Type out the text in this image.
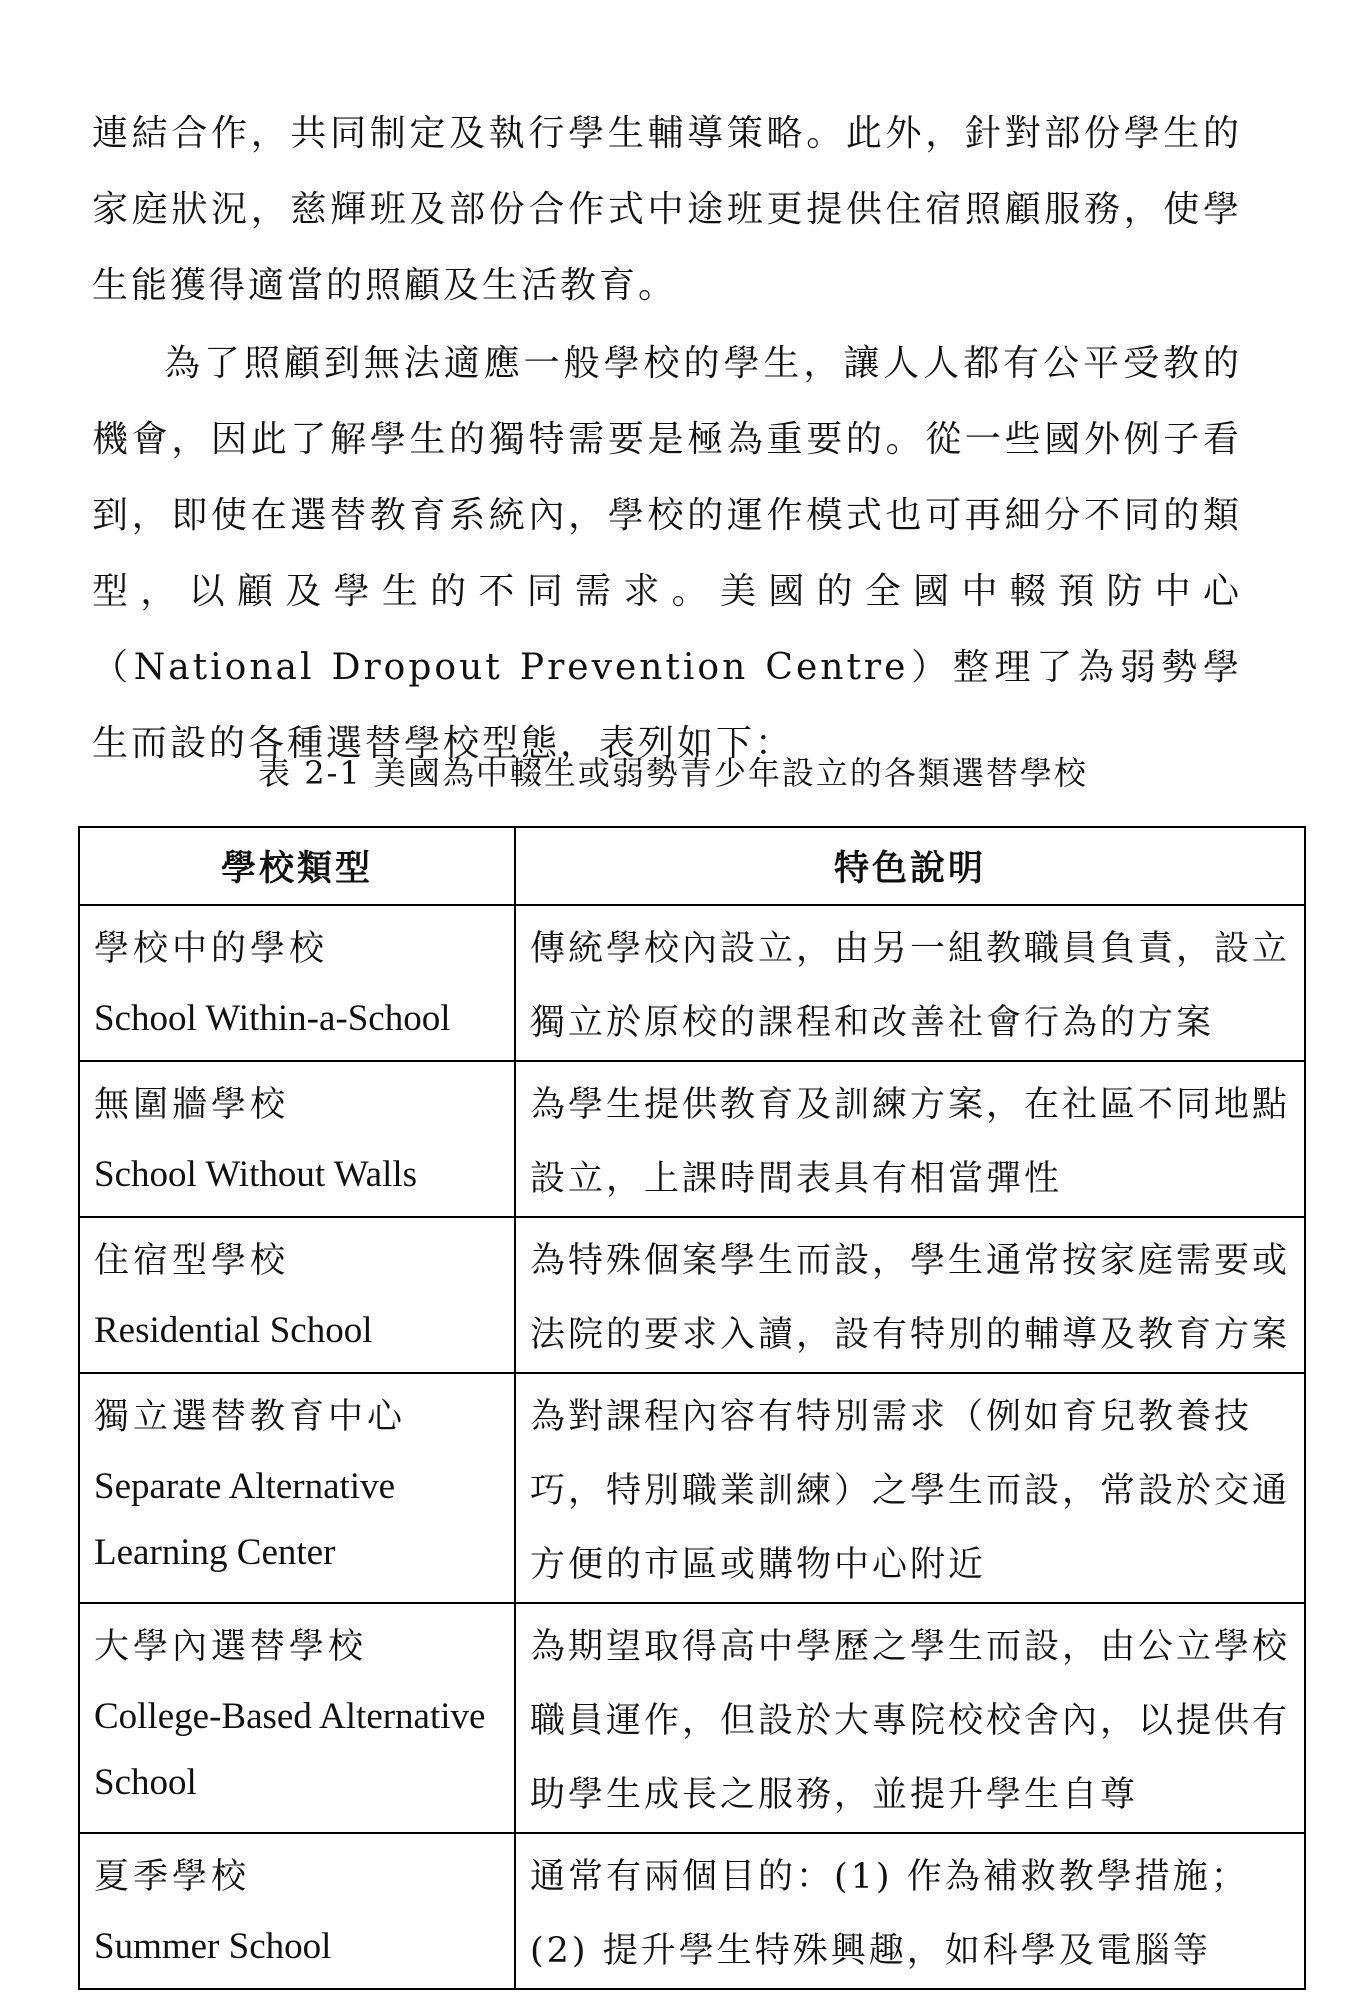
連結合作，共同制定及執行學生輔導策略。此外，針對部份學生的家庭狀況，慈輝班及部份合作式中途班更提供住宿照顧服務，使學生能獲得適當的照顧及生活教育。

為了照顧到無法適應一般學校的學生，讓人人都有公平受教的機會，因此了解學生的獨特需要是極為重要的。從一些國外例子看到，即使在選替教育系統內，學校的運作模式也可再細分不同的類型，以顧及學生的不同需求。美國的全國中輟預防中心（National Dropout Prevention Centre）整理了為弱勢學生而設的各種選替學校型態，表列如下：

表 2-1 美國為中輟生或弱勢青少年設立的各類選替學校
學校類型	特色說明

學校中的學校
School Within-a-School	傳統學校內設立，由另一組教職員負責，設立獨立於原校的課程和改善社會行為的方案

無圍牆學校
School Without Walls	為學生提供教育及訓練方案，在社區不同地點設立，上課時間表具有相當彈性

住宿型學校
Residential School	為特殊個案學生而設，學生通常按家庭需要或法院的要求入讀，設有特別的輔導及教育方案

獨立選替教育中心
Separate Alternative Learning Center	為對課程內容有特別需求（例如育兒教養技巧，特別職業訓練）之學生而設，常設於交通方便的市區或購物中心附近

大學內選替學校
College-Based Alternative School	為期望取得高中學歷之學生而設，由公立學校職員運作，但設於大專院校校舍內，以提供有助學生成長之服務，並提升學生自尊

夏季學校
Summer School	通常有兩個目的：(1) 作為補救教學措施；(2) 提升學生特殊興趣，如科學及電腦等
